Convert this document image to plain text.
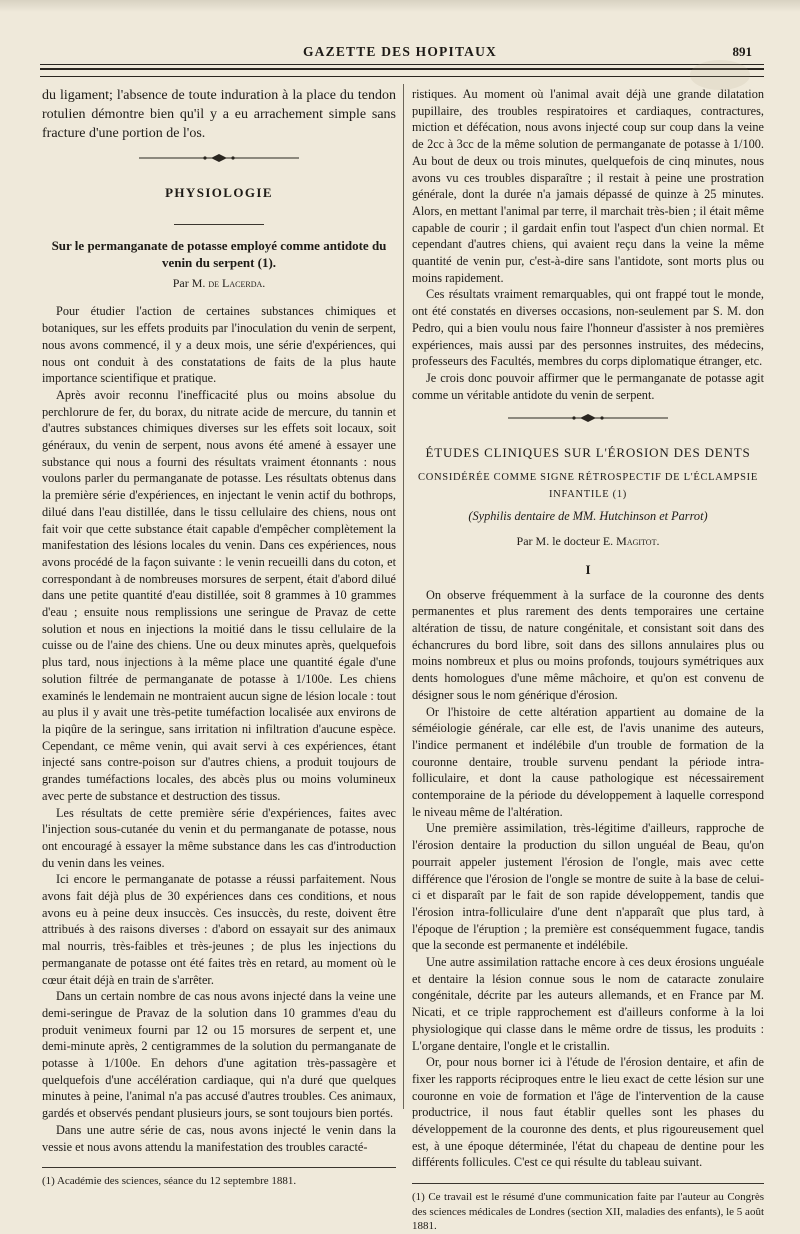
GAZETTE DES HOPITAUX	891

du ligament; l'absence de toute induration à la place du tendon rotulien démontre bien qu'il y a eu arrachement simple sans fracture d'une portion de l'os.

PHYSIOLOGIE
Sur le permanganate de potasse employé comme antidote du venin du serpent (1).
Par M. de Lacerda.

Pour étudier l'action de certaines substances chimiques et botaniques, sur les effets produits par l'inoculation du venin de serpent, nous avons commencé, il y a deux mois, une série d'expériences, qui nous ont conduit à des constatations de faits de la plus haute importance scientifique et pratique.

Après avoir reconnu l'inefficacité plus ou moins absolue du perchlorure de fer, du borax, du nitrate acide de mercure, du tannin et d'autres substances chimiques diverses sur les effets soit locaux, soit généraux, du venin de serpent, nous avons été amené à essayer une substance qui nous a fourni des résultats vraiment étonnants : nous voulons parler du permanganate de potasse. Les résultats obtenus dans la première série d'expériences, en injectant le venin actif du bothrops, dilué dans l'eau distillée, dans le tissu cellulaire des chiens, nous ont fait voir que cette substance était capable d'empêcher complètement la manifestation des lésions locales du venin. Dans ces expériences, nous avons procédé de la façon suivante : le venin recueilli dans du coton, et correspondant à de nombreuses morsures de serpent, était d'abord dilué dans une petite quantité d'eau distillée, soit 8 grammes à 10 grammes d'eau ; ensuite nous remplissions une seringue de Pravaz de cette solution et nous en injections la moitié dans le tissu cellulaire de la cuisse ou de l'aine des chiens. Une ou deux minutes après, quelquefois plus tard, nous injections à la même place une quantité égale d'une solution filtrée de permanganate de potasse à 1/100e. Les chiens examinés le lendemain ne montraient aucun signe de lésion locale : tout au plus il y avait une très-petite tuméfaction localisée aux environs de la piqûre de la seringue, sans irritation ni infiltration d'aucune espèce. Cependant, ce même venin, qui avait servi à ces expériences, étant injecté sans contre-poison sur d'autres chiens, a produit toujours de grandes tuméfactions locales, des abcès plus ou moins volumineux avec perte de substance et destruction des tissus.

Les résultats de cette première série d'expériences, faites avec l'injection sous-cutanée du venin et du permanganate de potasse, nous ont encouragé à essayer la même substance dans les cas d'introduction du venin dans les veines.

Ici encore le permanganate de potasse a réussi parfaitement. Nous avons fait déjà plus de 30 expériences dans ces conditions, et nous avons eu à peine deux insuccès. Ces insuccès, du reste, doivent être attribués à des raisons diverses : d'abord on essayait sur des animaux mal nourris, très-faibles et très-jeunes ; de plus les injections du permanganate de potasse ont été faites très en retard, au moment où le cœur était déjà en train de s'arrêter.

Dans un certain nombre de cas nous avons injecté dans la veine une demi-seringue de Pravaz de la solution dans 10 grammes d'eau du produit venimeux fourni par 12 ou 15 morsures de serpent et, une demi-minute après, 2 centigrammes de la solution du permanganate de potasse à 1/100e. En dehors d'une agitation très-passagère et quelquefois d'une accélération cardiaque, qui n'a duré que quelques minutes à peine, l'animal n'a pas accusé d'autres troubles. Ces animaux, gardés et observés pendant plusieurs jours, se sont toujours bien portés.

Dans une autre série de cas, nous avons injecté le venin dans la vessie et nous avons attendu la manifestation des troubles caracté-

(1) Académie des sciences, séance du 12 septembre 1881.

ristiques. Au moment où l'animal avait déjà une grande dilatation pupillaire, des troubles respiratoires et cardiaques, contractures, miction et défécation, nous avons injecté coup sur coup dans la veine de 2cc à 3cc de la même solution de permanganate de potasse à 1/100. Au bout de deux ou trois minutes, quelquefois de cinq minutes, nous avons vu ces troubles disparaître ; il restait à peine une prostration générale, dont la durée n'a jamais dépassé de quinze à 25 minutes. Alors, en mettant l'animal par terre, il marchait très-bien ; il était même capable de courir ; il gardait enfin tout l'aspect d'un chien normal. Et cependant d'autres chiens, qui avaient reçu dans la veine la même quantité de venin pur, c'est-à-dire sans l'antidote, sont morts plus ou moins rapidement.

Ces résultats vraiment remarquables, qui ont frappé tout le monde, ont été constatés en diverses occasions, non-seulement par S. M. don Pedro, qui a bien voulu nous faire l'honneur d'assister à nos premières expériences, mais aussi par des personnes instruites, des médecins, professeurs des Facultés, membres du corps diplomatique étranger, etc.

Je crois donc pouvoir affirmer que le permanganate de potasse agit comme un véritable antidote du venin de serpent.

ÉTUDES CLINIQUES SUR L'ÉROSION DES DENTS
CONSIDÉRÉE COMME SIGNE RÉTROSPECTIF DE L'ÉCLAMPSIE INFANTILE (1)
(Syphilis dentaire de MM. Hutchinson et Parrot)
Par M. le docteur E. Magitot.
I

On observe fréquemment à la surface de la couronne des dents permanentes et plus rarement des dents temporaires une certaine altération de tissu, de nature congénitale, et consistant soit dans des échancrures du bord libre, soit dans des sillons annulaires plus ou moins nombreux et plus ou moins profonds, toujours symétriques aux dents homologues d'une même mâchoire, et qu'on est convenu de désigner sous le nom générique d'érosion.

Or l'histoire de cette altération appartient au domaine de la séméiologie générale, car elle est, de l'avis unanime des auteurs, l'indice permanent et indélébile d'un trouble de formation de la couronne dentaire, trouble survenu pendant la période intra-folliculaire, et dont la cause pathologique est nécessairement contemporaine de la période du développement à laquelle correspond le niveau même de l'altération.

Une première assimilation, très-légitime d'ailleurs, rapproche de l'érosion dentaire la production du sillon unguéal de Beau, qu'on pourrait appeler justement l'érosion de l'ongle, mais avec cette différence que l'érosion de l'ongle se montre de suite à la base de celui-ci et disparaît par le fait de son rapide développement, tandis que l'érosion intra-folliculaire d'une dent n'apparaît que plus tard, à l'époque de l'éruption ; la première est conséquemment fugace, tandis que la seconde est permanente et indélébile.

Une autre assimilation rattache encore à ces deux érosions unguéale et dentaire la lésion connue sous le nom de cataracte zonulaire congénitale, décrite par les auteurs allemands, et en France par M. Nicati, et ce triple rapprochement est d'ailleurs conforme à la loi physiologique qui classe dans le même ordre de tissus, les produits : L'organe dentaire, l'ongle et le cristallin.

Or, pour nous borner ici à l'étude de l'érosion dentaire, et afin de fixer les rapports réciproques entre le lieu exact de cette lésion sur une couronne en voie de formation et l'âge de l'intervention de la cause productrice, il nous faut établir quelles sont les phases du développement de la couronne des dents, et plus rigoureusement quel est, à une époque déterminée, l'état du chapeau de dentine pour les différents follicules. C'est ce qui résulte du tableau suivant.

(1) Ce travail est le résumé d'une communication faite par l'auteur au Congrès des sciences médicales de Londres (section XII, maladies des enfants), le 5 août 1881.
